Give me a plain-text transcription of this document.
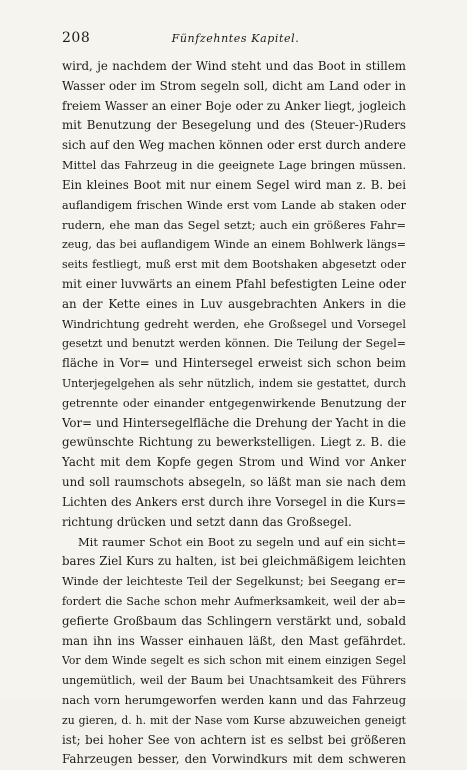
208	Fünfzehntes Kapitel.
wird, je nachdem der Wind steht und das Boot in stillem
Wasser oder im Strom segeln soll, dicht am Land oder in
freiem Wasser an einer Boje oder zu Anker liegt, jogleich
mit Benutzung der Besegelung und des (Steuer-)Ruders
sich auf den Weg machen können oder erst durch andere
Mittel das Fahrzeug in die geeignete Lage bringen müssen.
Ein kleines Boot mit nur einem Segel wird man z. B. bei
auflandigem frischen Winde erst vom Lande ab staken oder
rudern, ehe man das Segel setzt; auch ein größeres Fahr=
zeug, das bei auflandigem Winde an einem Bohlwerk längs=
seits festliegt, muß erst mit dem Bootshaken abgesetzt oder
mit einer luvwärts an einem Pfahl befestigten Leine oder
an der Kette eines in Luv ausgebrachten Ankers in die
Windrichtung gedreht werden, ehe Großsegel und Vorsegel
gesetzt und benutzt werden können. Die Teilung der Segel=
fläche in Vor= und Hintersegel erweist sich schon beim
Unterjegelgehen als sehr nützlich, indem sie gestattet, durch
getrennte oder einander entgegenwirkende Benutzung der
Vor= und Hintersegelfläche die Drehung der Yacht in die
gewünschte Richtung zu bewerkstelligen. Liegt z. B. die
Yacht mit dem Kopfe gegen Strom und Wind vor Anker
und soll raumschots absegeln, so läßt man sie nach dem
Lichten des Ankers erst durch ihre Vorsegel in die Kurs=
richtung drücken und setzt dann das Großsegel.
Mit raumer Schot ein Boot zu segeln und auf ein sicht=
bares Ziel Kurs zu halten, ist bei gleichmäßigem leichten
Winde der leichteste Teil der Segelkunst; bei Seegang er=
fordert die Sache schon mehr Aufmerksamkeit, weil der ab=
gefierte Großbaum das Schlingern verstärkt und, sobald
man ihn ins Wasser einhauen läßt, den Mast gefährdet.
Vor dem Winde segelt es sich schon mit einem einzigen Segel
ungemütlich, weil der Baum bei Unachtsamkeit des Führers
nach vorn herumgeworfen werden kann und das Fahrzeug
zu gieren, d. h. mit der Nase vom Kurse abzuweichen geneigt
ist; bei hoher See von achtern ist es selbst bei größeren
Fahrzeugen besser, den Vorwindkurs mit dem schweren
